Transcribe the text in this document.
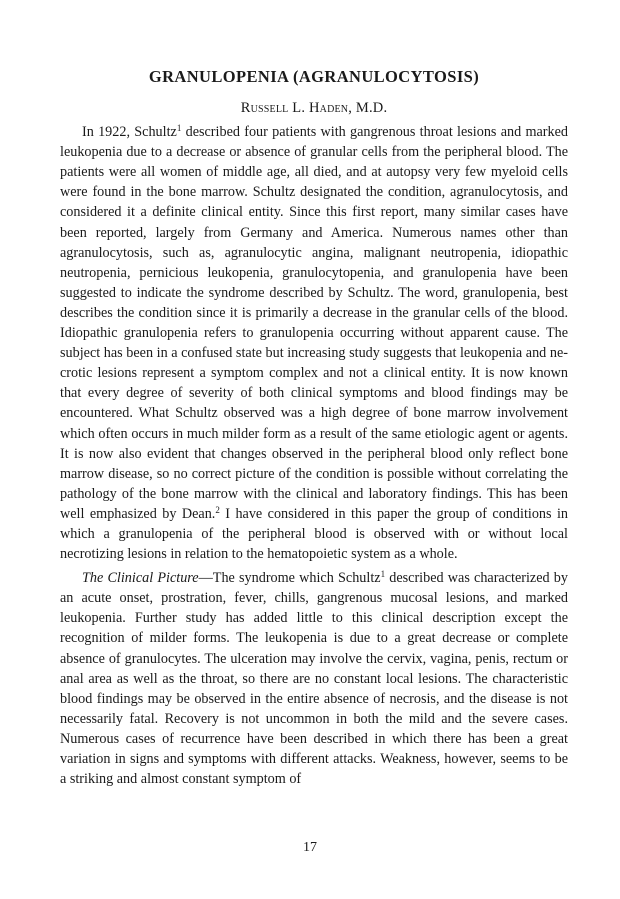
GRANULOPENIA (AGRANULOCYTOSIS)
Russell L. Haden, M.D.

In 1922, Schultz$^1$ described four patients with gangrenous throat lesions and marked leukopenia due to a decrease or absence of granular cells from the peripheral blood. The patients were all women of middle age, all died, and at autopsy very few myeloid cells were found in the bone marrow. Schultz designated the condition, agranulocytosis, and considered it a definite clinical entity. Since this first report, many similar cases have been reported, largely from Germany and America. Numerous names other than agranulocytosis, such as, agranulocytic angina, malignant neutropenia, idiopathic neutropenia, pernicious leukopenia, granulocytopenia, and granulopenia have been suggested to indicate the syndrome described by Schultz. The word, granulopenia, best describes the condition since it is primarily a decrease in the granular cells of the blood. Idiopathic granulopenia refers to granulopenia occurring without apparent cause. The subject has been in a confused state but increasing study suggests that leukopenia and necrotic lesions represent a symptom complex and not a clinical entity. It is now known that every degree of severity of both clinical symptoms and blood findings may be encountered. What Schultz observed was a high degree of bone marrow involvement which often occurs in much milder form as a result of the same etiologic agent or agents. It is now also evident that changes observed in the peripheral blood only reflect bone marrow disease, so no correct picture of the condition is possible without correlating the pathology of the bone marrow with the clinical and laboratory findings. This has been well emphasized by Dean.$^2$ I have considered in this paper the group of conditions in which a granulopenia of the peripheral blood is observed with or without local necrotizing lesions in relation to the hematopoietic system as a whole.

The Clinical Picture—The syndrome which Schultz$^1$ described was characterized by an acute onset, prostration, fever, chills, gangrenous mucosal lesions, and marked leukopenia. Further study has added little to this clinical description except the recognition of milder forms. The leukopenia is due to a great decrease or complete absence of granulocytes. The ulceration may involve the cervix, vagina, penis, rectum or anal area as well as the throat, so there are no constant local lesions. The characteristic blood findings may be observed in the entire absence of necrosis, and the disease is not necessarily fatal. Recovery is not uncommon in both the mild and the severe cases. Numerous cases of recurrence have been described in which there has been a great variation in signs and symptoms with different attacks. Weakness, however, seems to be a striking and almost constant symptom of

17
